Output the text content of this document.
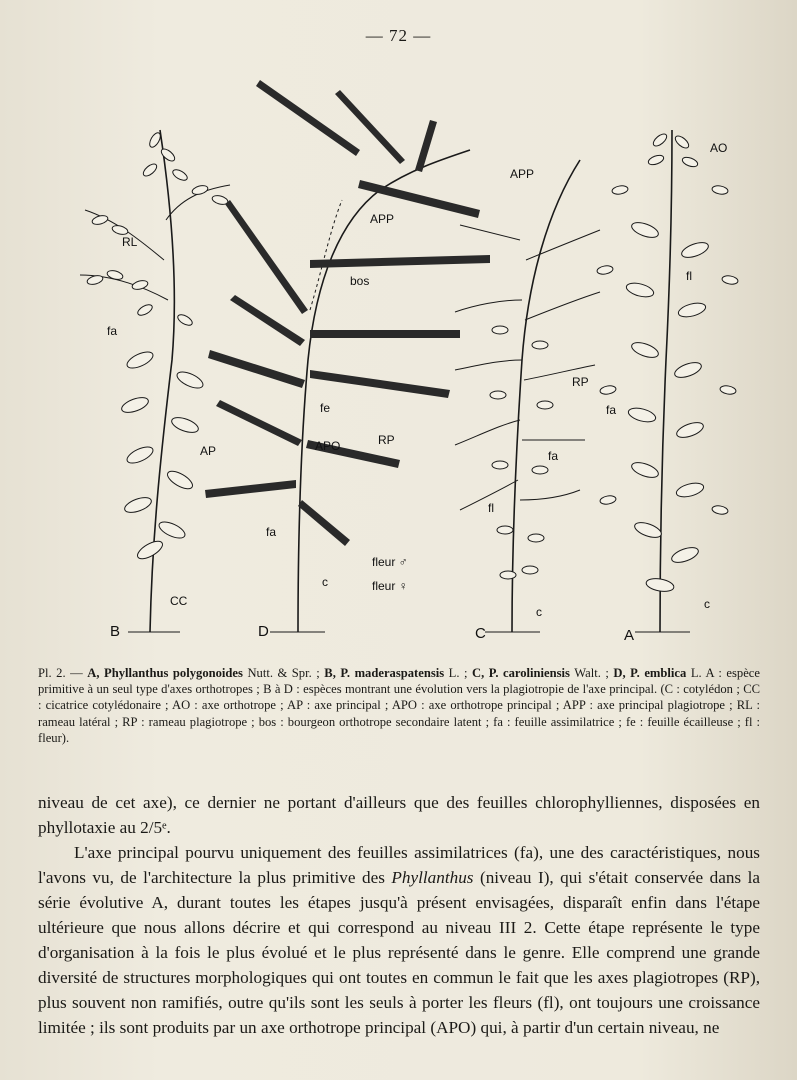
— 72 —
RL
fa
AP
CC
B
bos
APP
fe
APO	RP
fa
c
fleur ♂
fleur ♀
D
APP
RP
fa
fl
c
C
AO
fl
fa
c
A
Pl. 2. — A, Phyllanthus polygonoides Nutt. & Spr. ; B, P. maderaspatensis L. ; C, P. caroliniensis Walt. ; D, P. emblica L. A : espèce primitive à un seul type d'axes orthotropes ; B à D : espèces montrant une évolution vers la plagiotropie de l'axe principal. (C : cotylédon ; CC : cicatrice cotylédonaire ; AO : axe orthotrope ; AP : axe principal ; APO : axe orthotrope principal ; APP : axe principal plagiotrope ; RL : rameau latéral ; RP : rameau plagiotrope ; bos : bourgeon orthotrope secondaire latent ; fa : feuille assimilatrice ; fe : feuille écailleuse ; fl : fleur).

niveau de cet axe), ce dernier ne portant d'ailleurs que des feuilles chlorophylliennes, disposées en phyllotaxie au 2/5ᵉ.

L'axe principal pourvu uniquement des feuilles assimilatrices (fa), une des caractéristiques, nous l'avons vu, de l'architecture la plus primitive des Phyllanthus (niveau I), qui s'était conservée dans la série évolutive A, durant toutes les étapes jusqu'à présent envisagées, disparaît enfin dans l'étape ultérieure que nous allons décrire et qui correspond au niveau III 2. Cette étape représente le type d'organisation à la fois le plus évolué et le plus représenté dans le genre. Elle comprend une grande diversité de structures morphologiques qui ont toutes en commun le fait que les axes plagiotropes (RP), plus souvent non ramifiés, outre qu'ils sont les seuls à porter les fleurs (fl), ont toujours une croissance limitée ; ils sont produits par un axe orthotrope principal (APO) qui, à partir d'un certain niveau, ne
